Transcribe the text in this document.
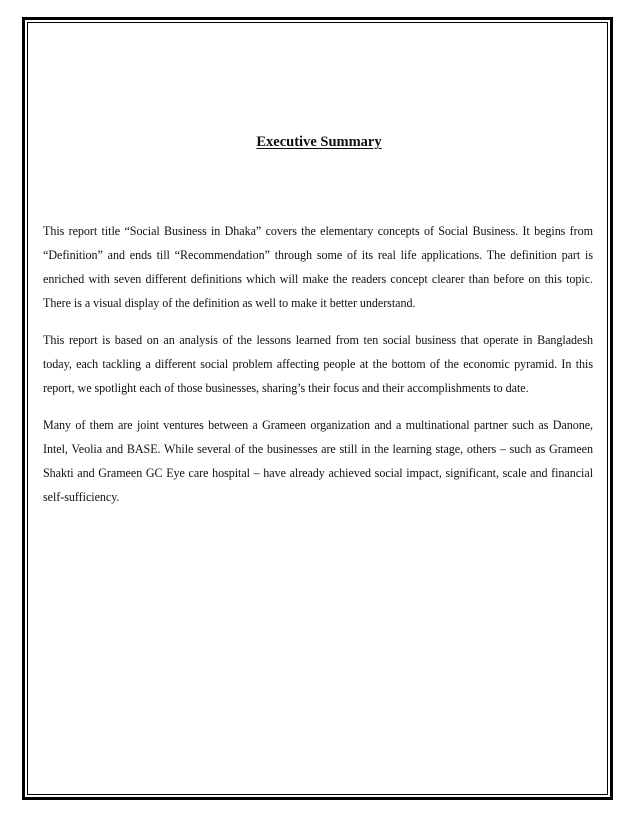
Executive Summary

This report title “Social Business in Dhaka” covers the elementary concepts of Social Business. It begins from “Definition” and ends till “Recommendation” through some of its real life applications. The definition part is enriched with seven different definitions which will make the readers concept clearer than before on this topic. There is a visual display of the definition as well to make it better understand.

This report is based on an analysis of the lessons learned from ten social business that operate in Bangladesh today, each tackling a different social problem affecting people at the bottom of the economic pyramid. In this report, we spotlight each of those businesses, sharing’s their focus and their accomplishments to date.

Many of them are joint ventures between a Grameen organization and a multinational partner such as Danone, Intel, Veolia and BASE. While several of the businesses are still in the learning stage, others – such as Grameen Shakti and Grameen GC Eye care hospital – have already achieved social impact, significant, scale and financial self-sufficiency.
